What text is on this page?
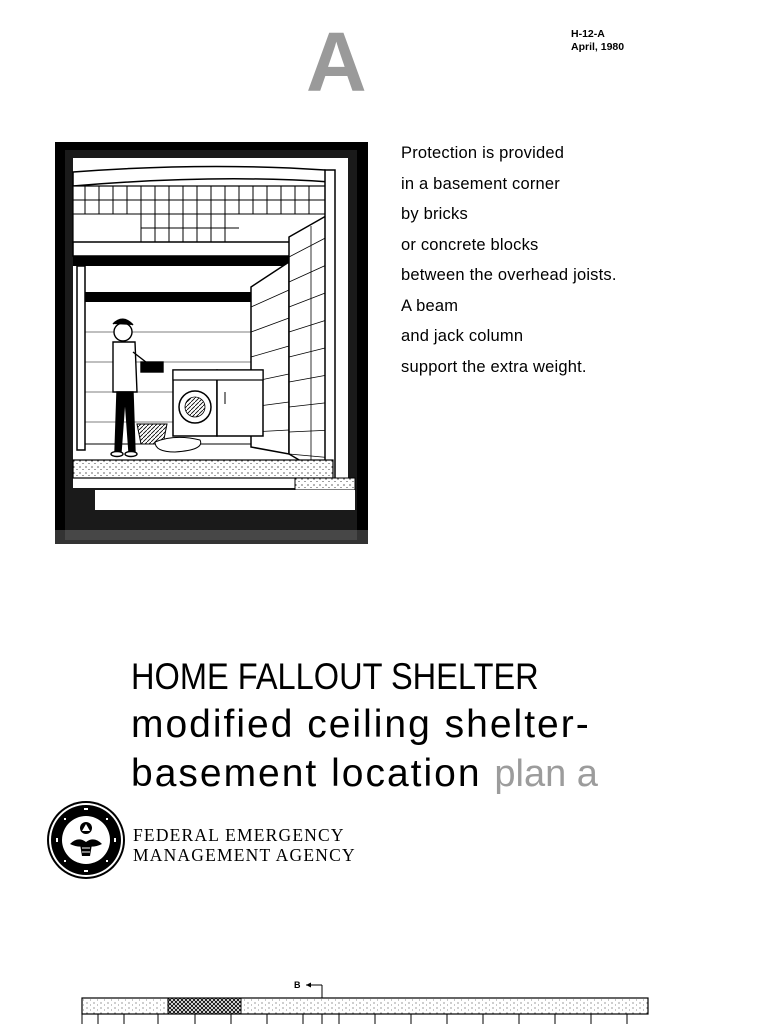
A	H-12-A
April, 1980
Protection is provided
in a basement corner
by bricks
or concrete blocks
between the overhead joists.
A beam
and jack column
support the extra weight.
HOME FALLOUT SHELTER
modified ceiling shelter-
basement location plan a
FEDERAL EMERGENCY
MANAGEMENT AGENCY
B
